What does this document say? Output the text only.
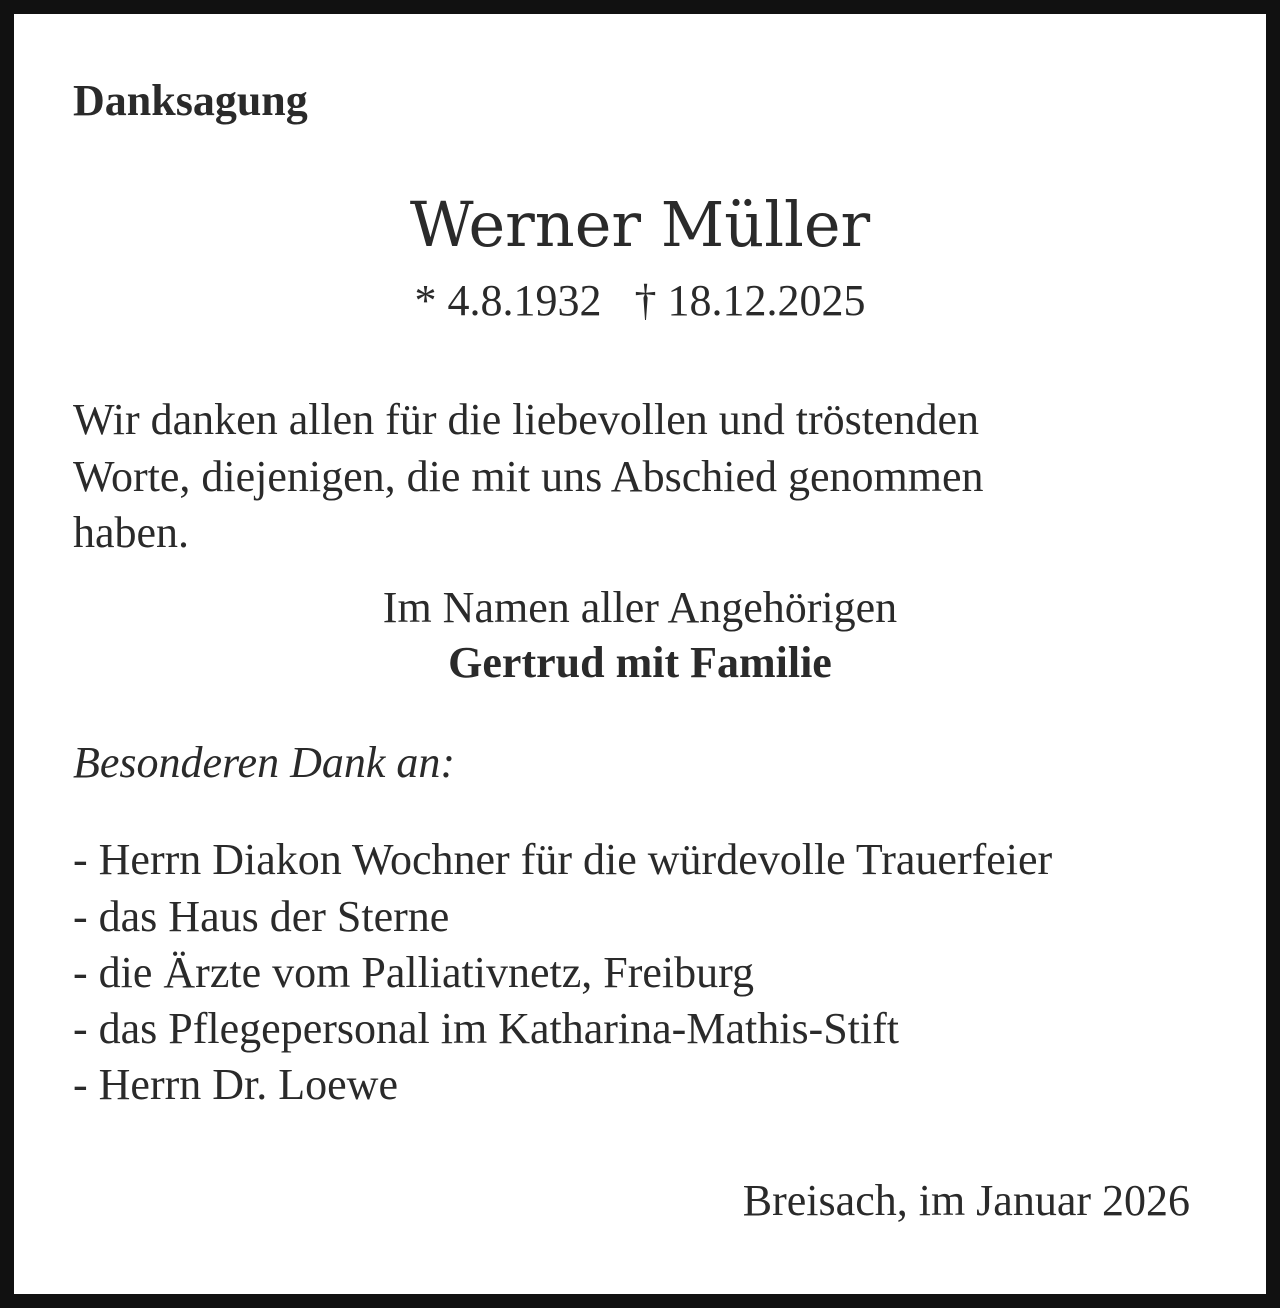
Danksagung
Werner Müller
* 4.8.1932   † 18.12.2025
Wir danken allen für die liebevollen und tröstenden
Worte, diejenigen, die mit uns Abschied genommen
haben.
Im Namen aller Angehörigen
Gertrud mit Familie
Besonderen Dank an:
- Herrn Diakon Wochner für die würdevolle Trauerfeier
- das Haus der Sterne
- die Ärzte vom Palliativnetz, Freiburg
- das Pflegepersonal im Katharina-Mathis-Stift
- Herrn Dr. Loewe
Breisach, im Januar 2026
